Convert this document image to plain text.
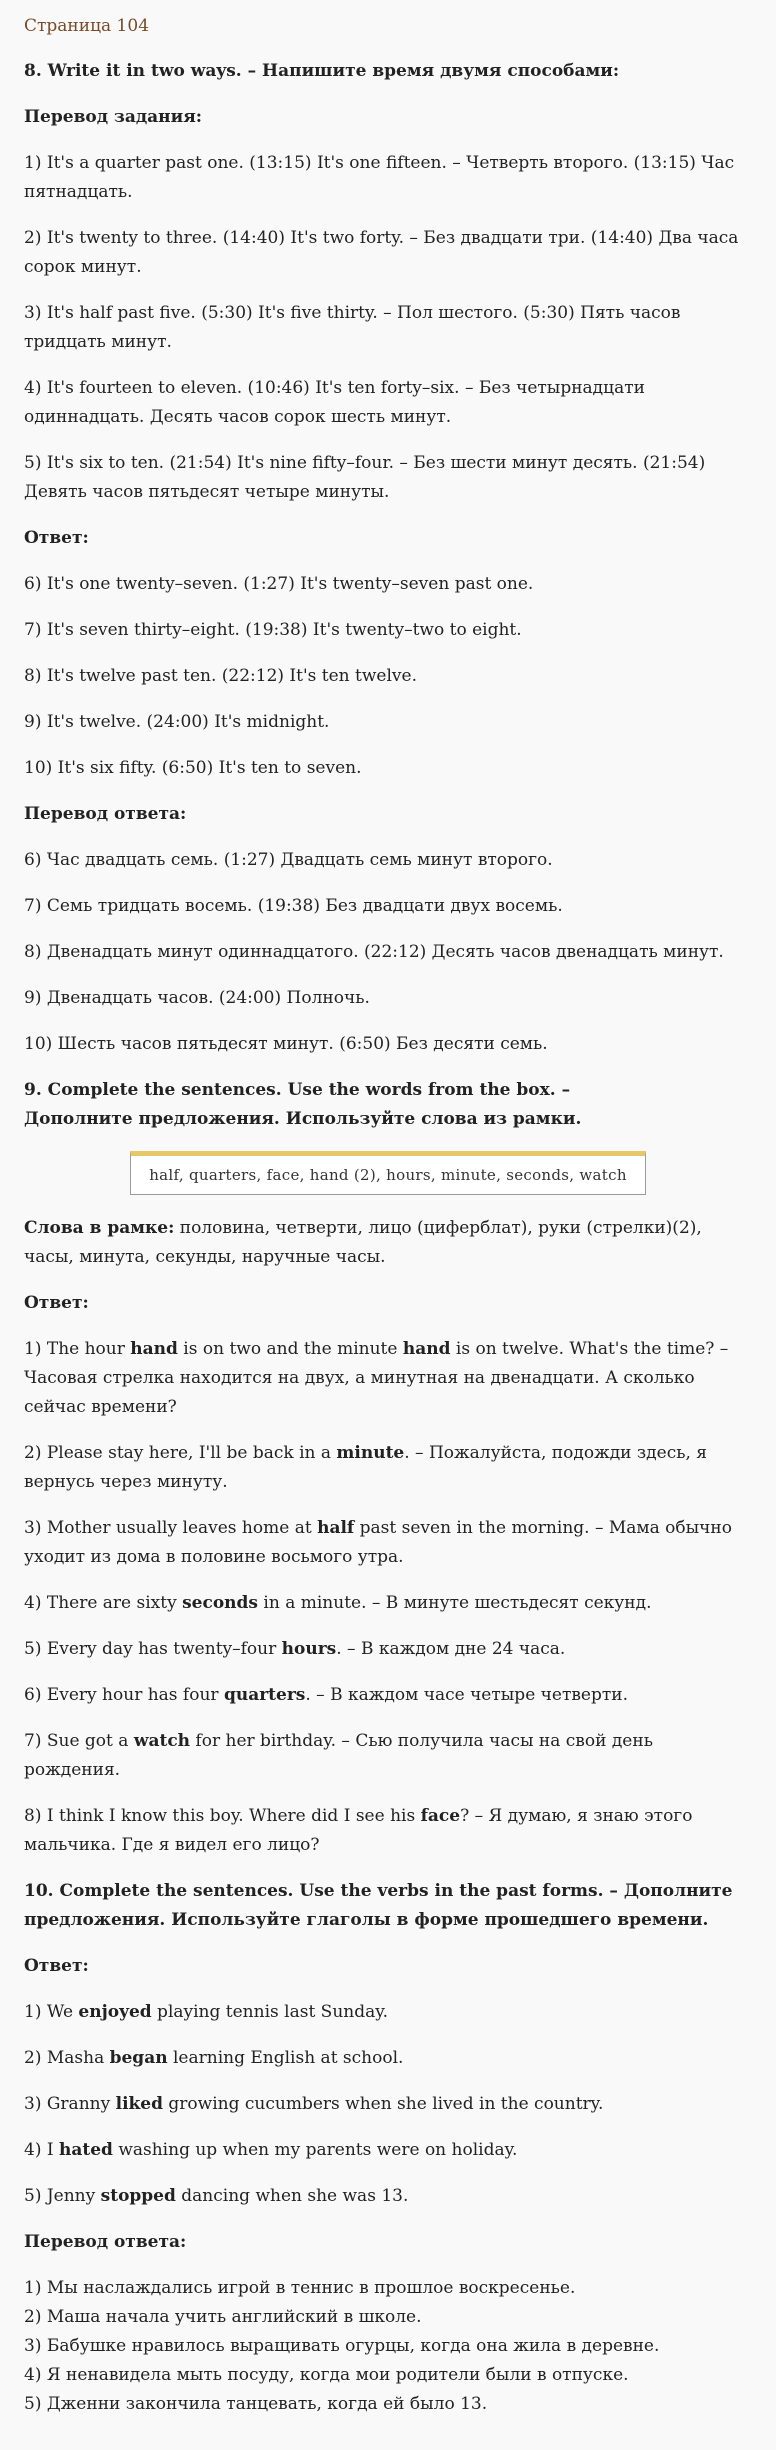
Страница 104

8. Write it in two ways. – Напишите время двумя способами:

Перевод задания:

1) It's a quarter past one. (13:15) It's one fifteen. – Четверть второго. (13:15) Час пятнадцать.

2) It's twenty to three. (14:40) It's two forty. – Без двадцати три. (14:40) Два часа сорок минут.

3) It's half past five. (5:30) It's five thirty. – Пол шестого. (5:30) Пять часов тридцать минут.

4) It's fourteen to eleven. (10:46) It's ten forty–six. – Без четырнадцати одиннадцать. Десять часов сорок шесть минут.

5) It's six to ten. (21:54) It's nine fifty–four. – Без шести минут десять. (21:54) Девять часов пятьдесят четыре минуты.

Ответ:

6) It's one twenty–seven. (1:27) It's twenty–seven past one.

7) It's seven thirty–eight. (19:38) It's twenty–two to eight.

8) It's twelve past ten. (22:12) It's ten twelve.

9) It's twelve. (24:00) It's midnight.

10) It's six fifty. (6:50) It's ten to seven.

Перевод ответа:

6) Час двадцать семь. (1:27) Двадцать семь минут второго.

7) Семь тридцать восемь. (19:38) Без двадцати двух восемь.

8) Двенадцать минут одиннадцатого. (22:12) Десять часов двенадцать минут.

9) Двенадцать часов. (24:00) Полночь.

10) Шесть часов пятьдесят минут. (6:50) Без десяти семь.

9. Complete the sentences. Use the words from the box. –
Дополните предложения. Используйте слова из рамки.

half, quarters, face, hand (2), hours, minute, seconds, watch

Слова в рамке: половина, четверти, лицо (циферблат), руки (стрелки)(2), часы, минута, секунды, наручные часы.

Ответ:

1) The hour hand is on two and the minute hand is on twelve. What's the time? – Часовая стрелка находится на двух, а минутная на двенадцати. А сколько сейчас времени?

2) Please stay here, I'll be back in a minute. – Пожалуйста, подожди здесь, я вернусь через минуту.

3) Mother usually leaves home at half past seven in the morning. – Мама обычно уходит из дома в половине восьмого утра.

4) There are sixty seconds in a minute. – В минуте шестьдесят секунд.

5) Every day has twenty–four hours. – В каждом дне 24 часа.

6) Every hour has four quarters. – В каждом часе четыре четверти.

7) Sue got a watch for her birthday. – Сью получила часы на свой день рождения.

8) I think I know this boy. Where did I see his face? – Я думаю, я знаю этого мальчика. Где я видел его лицо?

10. Complete the sentences. Use the verbs in the past forms. – Дополните предложения. Используйте глаголы в форме прошедшего времени.

Ответ:

1) We enjoyed playing tennis last Sunday.

2) Masha began learning English at school.

3) Granny liked growing cucumbers when she lived in the country.

4) I hated washing up when my parents were on holiday.

5) Jenny stopped dancing when she was 13.

Перевод ответа:

1) Мы наслаждались игрой в теннис в прошлое воскресенье.

2) Маша начала учить английский в школе.

3) Бабушке нравилось выращивать огурцы, когда она жила в деревне.

4) Я ненавидела мыть посуду, когда мои родители были в отпуске.

5) Дженни закончила танцевать, когда ей было 13.
